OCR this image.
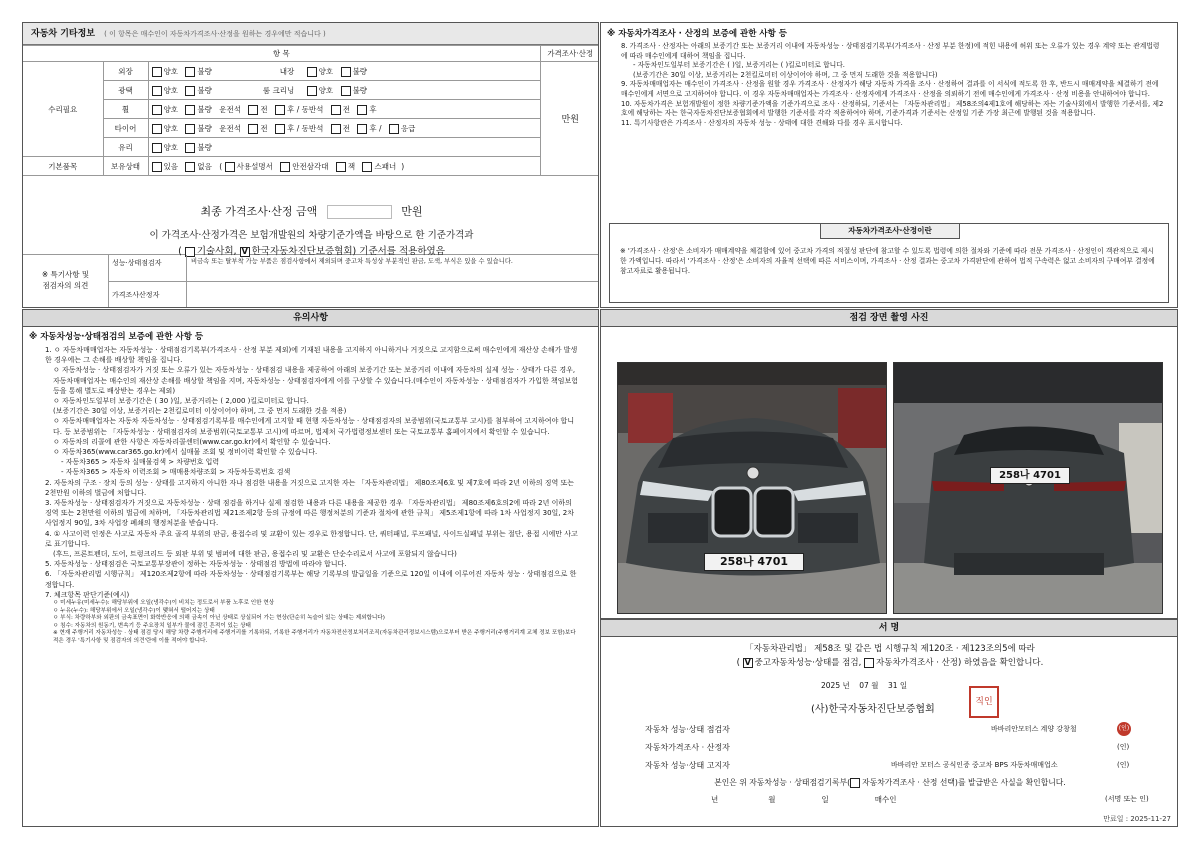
자동차 기타정보 ( 이 항목은 매수인이 자동차가격조사·산정을 원하는 경우에만 적습니다 )
항 목			가격조사·산정
수리필요	외장	양호 불량 내장 양호 불량	만원
	광택	양호 불량 룸 크리닝 양호 불량	
	휠	양호 불량 운전석 전 후 / 동반석 전 후	
	타이어	양호 불량 운전석 전 후 / 동반석 전 후 / 응급	
	유리	양호 불량	
기본품목	보유상태	있음 없음 ( 사용설명서 안전삼각대 잭 스패너 )	
최종 가격조사·산정 금액	만원
이 가격조사·산정가격은 보험개발원의 차량기준가액을 바탕으로 한 기준가격과
( 기술사회, V 한국자동차진단보증협회) 기준서를 적용하였음
※ 특기사항 및
점검자의 의견
성능·상태점검자	비금속 또는 탈부착 가능 부품은 점검사항에서 제외되며 중고차 특성상 부분적인 판금, 도색, 부식은 있을 수 있습니다.
가격조사산정자
※ 자동차가격조사 · 산정의 보증에 관한 사항 등

8. 가격조사 · 산정자는 아래의 보증기간 또는 보증거리 이내에 자동차성능 · 상태점검기록부(가격조사 · 산정 부분 한정)에 적힌 내용에 허위 또는 오류가 있는 경우 계약 또는 관계법령에 따라 매수인에게 대하여 책임을 집니다.

- 자동차인도일부터 보증기간은 ( )일, 보증거리는 ( )킬로미터로 합니다.

(보증기간은 30일 이상, 보증거리는 2천킬로미터 이상이어야 하며, 그 중 먼저 도래한 것을 적용합니다)

9. 자동차매매업자는 매수인이 가격조사 · 산정을 원할 경우 가격조사 · 산정자가 해당 자동차 가격을 조사 · 산정하여 결과를 이 서식에 적도록 한 후, 반드시 매매계약을 체결하기 전에 매수인에게 서면으로 고지하여야 합니다. 이 경우 자동차매매업자는 가격조사 · 산정자에게 가격조사 · 산정을 의뢰하기 전에 매수인에게 가격조사 · 산정 비용을 안내하여야 합니다.

10. 자동차가격은 보험개발원이 정한 차량기준가액을 기준가격으로 조사 · 산정하되, 기준서는 「자동차관리법」 제58조의4제1호에 해당하는 자는 기술사회에서 발행한 기준서를, 제2호에 해당하는 자는 한국자동차진단보증협회에서 발행한 기준서를 각각 적용하여야 하며, 기준가격과 기준서는 산정일 기준 가장 최근에 발행된 것을 적용합니다.

11. 특기사항란은 가격조사 · 산정자의 자동차 성능 · 상태에 대한 견해와 다를 경우 표시합니다.

자동차가격조사·산정이란
※ '가격조사 · 산정'은 소비자가 매매계약을 체결함에 있어 중고차 가격의 적절성 판단에 참고할 수 있도록 법령에 의한 절차와 기준에 따라 전문 가격조사 · 산정인이 객관적으로 제시한 가액입니다. 따라서 '가격조사 · 산정'은 소비자의 자율적 선택에 따른 서비스이며, 가격조사 · 산정 결과는 중고차 가격판단에 관하여 법적 구속력은 없고 소비자의 구매여부 결정에 참고자료로 활용됩니다.
유의사항
※ 자동차성능·상태점검의 보증에 관한 사항 등

1. ㅇ 자동차매매업자는 자동차성능 · 상태점검기록부(가격조사 · 산정 부분 제외)에 기재된 내용을 고지하지 아니하거나 거짓으로 고지함으로써 매수인에게 재산상 손해가 발생한 경우에는 그 손해를 배상할 책임을 집니다.

ㅇ 자동차성능 · 상태점검자가 거짓 또는 오류가 있는 자동차성능 · 상태점검 내용을 제공하여 아래의 보증기간 또는 보증거리 이내에 자동차의 실제 성능 · 상태가 다른 경우, 자동차매매업자는 매수인의 재산상 손해를 배상할 책임을 지며, 자동차성능 · 상태점검자에게 이를 구상할 수 있습니다.(매수인이 자동차성능 · 상태점검자가 가입한 책임보험 등을 통해 별도로 배상받는 경우는 제외)

ㅇ 자동차인도일부터 보증기간은 ( 30 )일, 보증거리는 ( 2,000 )킬로미터로 합니다.

(보증기간은 30일 이상, 보증거리는 2천킬로미터 이상이어야 하며, 그 중 먼저 도래한 것을 적용)

ㅇ 자동차매매업자는 자동차 자동차성능 · 상태점검기록부를 매수인에게 고지할 때 현행 자동차성능 · 상태점검자의 보증범위(국토교통부 고시)를 첨부하여 고지하여야 합니다. 등 보증범위는 「자동차성능 · 상태점검자의 보증범위(국토교통부 고시)에 따르며, 법제처 국가법령정보센터 또는 국토교통부 홈페이지에서 확인할 수 있습니다.

ㅇ 자동차의 리콜에 관한 사항은 자동차리콜센터(www.car.go.kr)에서 확인할 수 있습니다.

ㅇ 자동차365(www.car365.go.kr)에서 실매물 조회 및 정비이력 확인할 수 있습니다.

- 자동차365 > 자동차 실매물검색 > 차량번호 입력

- 자동차365 > 자동차 이력조회 > 매매용차량조회 > 자동차등록번호 검색

2. 자동차의 구조 · 장치 등의 성능 · 상태를 고지하지 아니한 자나 점검한 내용을 거짓으로 고지한 자는 「자동차관리법」 제80조제6호 및 제7호에 따라 2년 이하의 징역 또는 2천만원 이하의 벌금에 처합니다.

3. 자동차성능 · 상태점검자가 거짓으로 자동차성능 · 상태 점검을 하거나 실제 점검한 내용과 다른 내용을 제공한 경우 「자동차관리법」 제80조제6호의2에 따라 2년 이하의 징역 또는 2천만원 이하의 벌금에 처하며, 「자동차관리법 제21조제2항 등의 규정에 따른 행정처분의 기준과 절차에 관한 규칙」 제5조제1항에 따라 1차 사업정지 30일, 2차 사업정지 90일, 3차 사업장 폐쇄의 행정처분을 받습니다.

4. ① 사고이력 인정은 사고로 자동차 주요 골격 부위의 판금, 용접수리 및 교환이 있는 경우로 한정합니다. 단, 쿼터패널, 루프패널, 사이드실패널 부위는 절단, 용접 시에만 사고로 표기합니다.

(후드, 프론트펜더, 도어, 트렁크리드 등 외판 부위 및 범퍼에 대한 판금, 용접수리 및 교환은 단순수리로서 사고에 포함되지 않습니다)

5. 자동차성능 · 상태점검은 국토교통부장관이 정하는 자동차성능 · 상태점검 방법에 따라야 합니다.

6. 「자동차관리법 시행규칙」 제120조제2항에 따라 자동차성능 · 상태점검기록부는 해당 기록부의 발급일을 기준으로 120일 이내에 이루어진 자동차 성능 · 상태점검으로 한정합니다.

7. 체크항목 판단기준(예시)

ㅇ 미세누유(미세누수): 해당부위에 오일(냉각수)이 비치는 정도로서 부품 노후로 인한 현상

ㅇ 누유(누수): 해당부위에서 오일(냉각수)이 맺혀서 떨어지는 상태

ㅇ 부식: 차량하부와 외판의 금속표면이 화학반응에 의해 금속이 아닌 상태로 상실되어 가는 현상(단순히 녹슬어 있는 상태는 제외합니다)

ㅇ 침수: 자동차의 원동기, 변속기 등 주요장치 일부가 물에 잠긴 흔적이 있는 상태

※ 현재 주행거리 자동차성능 · 상태 점검 당시 해당 차량 주행거리에 주행거리를 기록하되, 기록한 주행거리가 자동차전산정보처리조직(자동차관리정보시스템)으로부터 받은 주행거리(주행거리계 교체 정보 포함)보다 적은 경우 '특기사항 및 점검자의 의견'란에 이를 적어야 합니다.

점검 장면 촬영 사진
258나 4701
258나 4701
서 명
「자동차관리법」 제58조 및 같은 법 시행규칙 제120조 · 제123조의5에 따라
( V중고자동차성능·상태를 점검, 자동차가격조사 · 산정) 하였음을 확인합니다.
2025 년 07 월 31 일
(사)한국자동차진단보증협회
직인
자동차 성능·상태 점검자	바바리안모터스 계양 강창철	(인)
자동차가격조사 · 산정자	(인)
자동차 성능·상태 고지자	바바리안 모터스 공식인증 중고차 BPS 자동차매매업소	(인)
본인은 위 자동차성능 · 상태점검기록부( 자동차가격조사 · 산정 선택)를 발급받은 사실을 확인합니다.
년	월	일	매수인	(서명 또는 인)
만료일 : 2025-11-27
